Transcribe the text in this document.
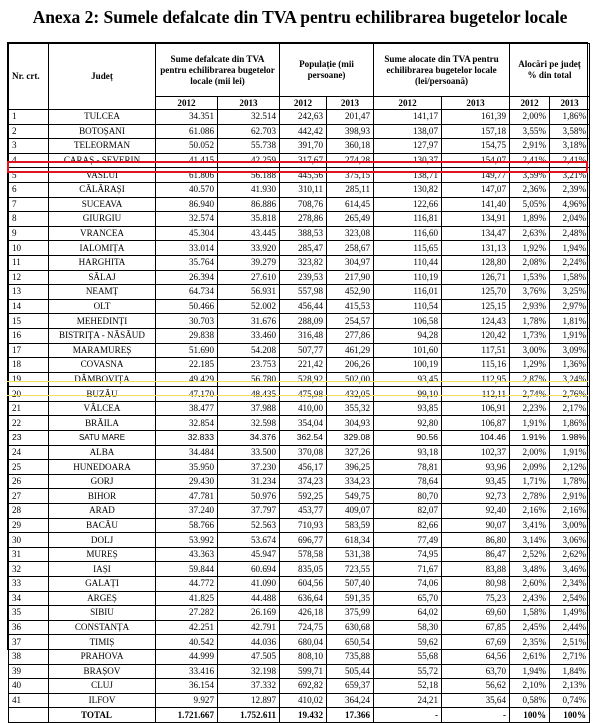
Anexa 2: Sumele defalcate din TVA pentru echilibrarea bugetelor locale
Nr. crt.	Județ	Sume defalcate din TVA pentru echilibrarea bugetelor locale (mii lei)		Populație (mii persoane)		Sume alocate din TVA pentru echilibrarea bugetelor locale (lei/persoană)		Alocări pe județ % din total	
		2012	2013	2012	2013	2012	2013	2012	2013
1	TULCEA	34.351	32.514	242,63	201,47	141,17	161,39	2,00%	1,86%
2	BOTOȘANI	61.086	62.703	442,42	398,93	138,07	157,18	3,55%	3,58%
3	TELEORMAN	50.052	55.738	391,70	360,18	127,97	154,75	2,91%	3,18%
4	CARAȘ - SEVERIN	41.415	42.259	317,67	274,28	130,37	154,07	2,41%	2,41%
5	VASLUI	61.806	56.188	445,56	375,15	138,71	149,77	3,59%	3,21%
6	CĂLĂRAȘI	40.570	41.930	310,11	285,11	130,82	147,07	2,36%	2,39%
7	SUCEAVA	86.940	86.886	708,76	614,45	122,66	141,40	5,05%	4,96%
8	GIURGIU	32.574	35.818	278,86	265,49	116,81	134,91	1,89%	2,04%
9	VRANCEA	45.304	43.445	388,53	323,08	116,60	134,47	2,63%	2,48%
10	IALOMIȚA	33.014	33.920	285,47	258,67	115,65	131,13	1,92%	1,94%
11	HARGHITA	35.764	39.279	323,82	304,97	110,44	128,80	2,08%	2,24%
12	SĂLAJ	26.394	27.610	239,53	217,90	110,19	126,71	1,53%	1,58%
13	NEAMȚ	64.734	56.931	557,98	452,90	116,01	125,70	3,76%	3,25%
14	OLT	50.466	52.002	456,44	415,53	110,54	125,15	2,93%	2,97%
15	MEHEDINȚI	30.703	31.676	288,09	254,57	106,58	124,43	1,78%	1,81%
16	BISTRIȚA - NĂSĂUD	29.838	33.460	316,48	277,86	94,28	120,42	1,73%	1,91%
17	MARAMUREȘ	51.690	54.208	507,77	461,29	101,60	117,51	3,00%	3,09%
18	COVASNA	22.185	23.753	221,42	206,26	100,19	115,16	1,29%	1,36%
19	DÂMBOVIȚA	49.429	56.780	528,92	502,00	93,45	112,95	2,87%	3,24%
20	BUZĂU	47.170	48.435	475,98	432,05	99,10	112,11	2,74%	2,76%
21	VÂLCEA	38.477	37.988	410,00	355,32	93,85	106,91	2,23%	2,17%
22	BRĂILA	32.854	32.598	354,04	304,93	92,80	106,87	1,91%	1,86%
23	SATU MARE	32.833	34.376	362.54	329.08	90.56	104.46	1.91%	1.98%
24	ALBA	34.484	33.500	370,08	327,26	93,18	102,37	2,00%	1,91%
25	HUNEDOARA	35.950	37.230	456,17	396,25	78,81	93,96	2,09%	2,12%
26	GORJ	29.430	31.234	374,23	334,23	78,64	93,45	1,71%	1,78%
27	BIHOR	47.781	50.976	592,25	549,75	80,70	92,73	2,78%	2,91%
28	ARAD	37.240	37.797	453,77	409,07	82,07	92,40	2,16%	2,16%
29	BACĂU	58.766	52.563	710,93	583,59	82,66	90,07	3,41%	3,00%
30	DOLJ	53.992	53.674	696,77	618,34	77,49	86,80	3,14%	3,06%
31	MUREȘ	43.363	45.947	578,58	531,38	74,95	86,47	2,52%	2,62%
32	IAȘI	59.844	60.694	835,05	723,55	71,67	83,88	3,48%	3,46%
33	GALAȚI	44.772	41.090	604,56	507,40	74,06	80,98	2,60%	2,34%
34	ARGEȘ	41.825	44.488	636,64	591,35	65,70	75,23	2,43%	2,54%
35	SIBIU	27.282	26.169	426,18	375,99	64,02	69,60	1,58%	1,49%
36	CONSTANȚA	42.251	42.791	724,75	630,68	58,30	67,85	2,45%	2,44%
37	TIMIȘ	40.542	44.036	680,04	650,54	59,62	67,69	2,35%	2,51%
38	PRAHOVA	44.999	47.505	808,10	735,88	55,68	64,56	2,61%	2,71%
39	BRAȘOV	33.416	32.198	599,71	505,44	55,72	63,70	1,94%	1,84%
40	CLUJ	36.154	37.332	692,82	659,37	52,18	56,62	2,10%	2,13%
41	ILFOV	9.927	12.897	410,02	364,24	24,21	35,64	0,58%	0,74%
	TOTAL	1.721.667	1.752.611	19.432	17.366	-	-	100%	100%
